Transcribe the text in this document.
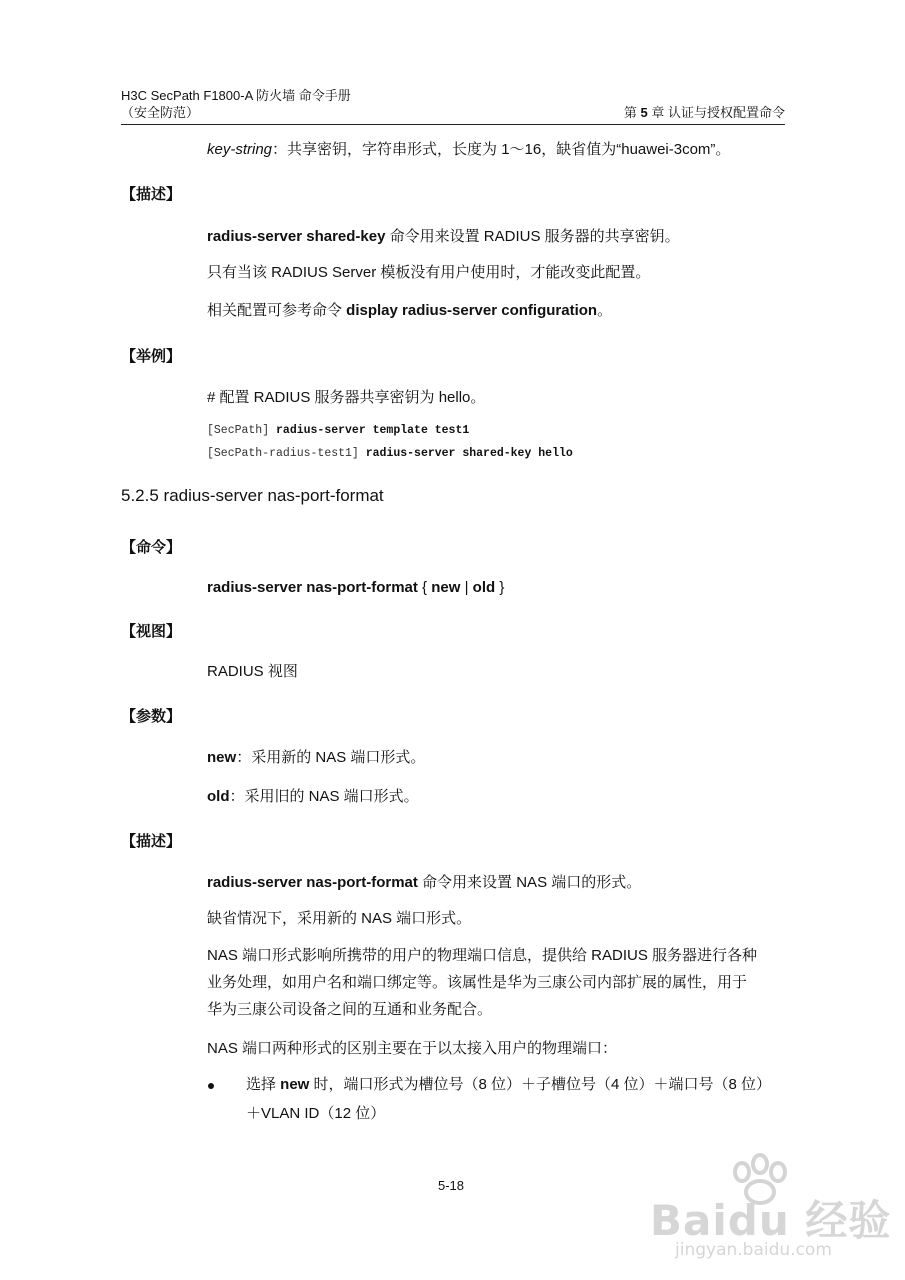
H3C SecPath F1800-A 防火墙 命令手册
（安全防范）	第 5 章 认证与授权配置命令
key-string：共享密钥，字符串形式，长度为 1～16，缺省值为“huawei-3com”。
【描述】
radius-server shared-key 命令用来设置 RADIUS 服务器的共享密钥。
只有当该 RADIUS Server 模板没有用户使用时，才能改变此配置。
相关配置可参考命令 display radius-server configuration。
【举例】
# 配置 RADIUS 服务器共享密钥为 hello。
[SecPath] radius-server template test1
[SecPath-radius-test1] radius-server shared-key hello
5.2.5 radius-server nas-port-format
【命令】
radius-server nas-port-format { new | old }
【视图】
RADIUS 视图
【参数】
new：采用新的 NAS 端口形式。
old：采用旧的 NAS 端口形式。
【描述】
radius-server nas-port-format 命令用来设置 NAS 端口的形式。
缺省情况下，采用新的 NAS 端口形式。
NAS 端口形式影响所携带的用户的物理端口信息，提供给 RADIUS 服务器进行各种
业务处理，如用户名和端口绑定等。该属性是华为三康公司内部扩展的属性，用于
华为三康公司设备之间的互通和业务配合。
NAS 端口两种形式的区别主要在于以太接入用户的物理端口：
选择 new 时，端口形式为槽位号（8 位）＋子槽位号（4 位）＋端口号（8 位）
＋VLAN ID（12 位）
5-18
Baidu 经验
jingyan.baidu.com
